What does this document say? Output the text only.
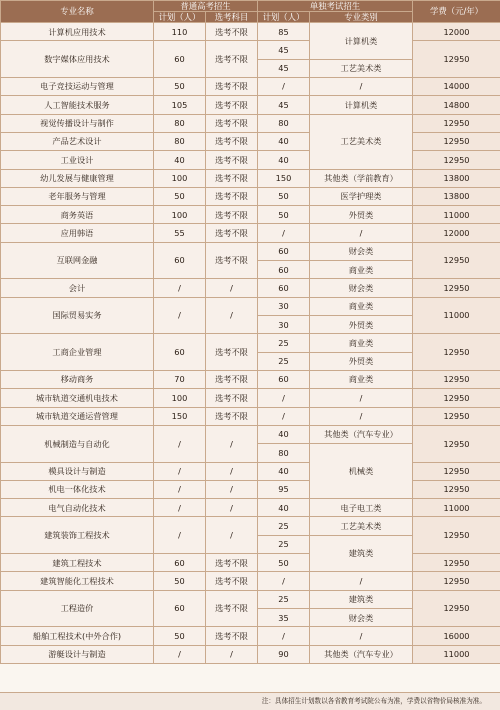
专业名称	普通高考招生		单独考试招生		学费（元/年）
	计划（人）	选考科目	计划（人）	专业类别	
计算机应用技术	110	选考不限	85	计算机类	12000
数字媒体应用技术	60	选考不限	45		12950
			45	工艺美术类	
电子竞技运动与管理	50	选考不限	/	/	14000
人工智能技术服务	105	选考不限	45	计算机类	14800
视觉传播设计与制作	80	选考不限	80	工艺美术类	12950
产品艺术设计	80	选考不限	40		12950
工业设计	40	选考不限	40		12950
幼儿发展与健康管理	100	选考不限	150	其他类（学前教育）	13800
老年服务与管理	50	选考不限	50	医学护理类	13800
商务英语	100	选考不限	50	外贸类	11000
应用韩语	55	选考不限	/	/	12000
互联网金融	60	选考不限	60	财会类	12950
			60	商业类	
会计	/	/	60	财会类	12950
国际贸易实务	/	/	30	商业类	11000
			30	外贸类	
工商企业管理	60	选考不限	25	商业类	12950
			25	外贸类	
移动商务	70	选考不限	60	商业类	12950
城市轨道交通机电技术	100	选考不限	/	/	12950
城市轨道交通运营管理	150	选考不限	/	/	12950
机械制造与自动化	/	/	40	其他类（汽车专业）	12950
			80	机械类	
模具设计与制造	/	/	40		12950
机电一体化技术	/	/	95		12950
电气自动化技术	/	/	40	电子电工类	11000
建筑装饰工程技术	/	/	25	工艺美术类	12950
			25	建筑类	
建筑工程技术	60	选考不限	50		12950
建筑智能化工程技术	50	选考不限	/	/	12950
工程造价	60	选考不限	25	建筑类	12950
			35	财会类	
船舶工程技术(中外合作)	50	选考不限	/	/	16000
游艇设计与制造	/	/	90	其他类（汽车专业）	11000
注：具体招生计划数以各省教育考试院公布为准，学费以省物价局核准为准。
